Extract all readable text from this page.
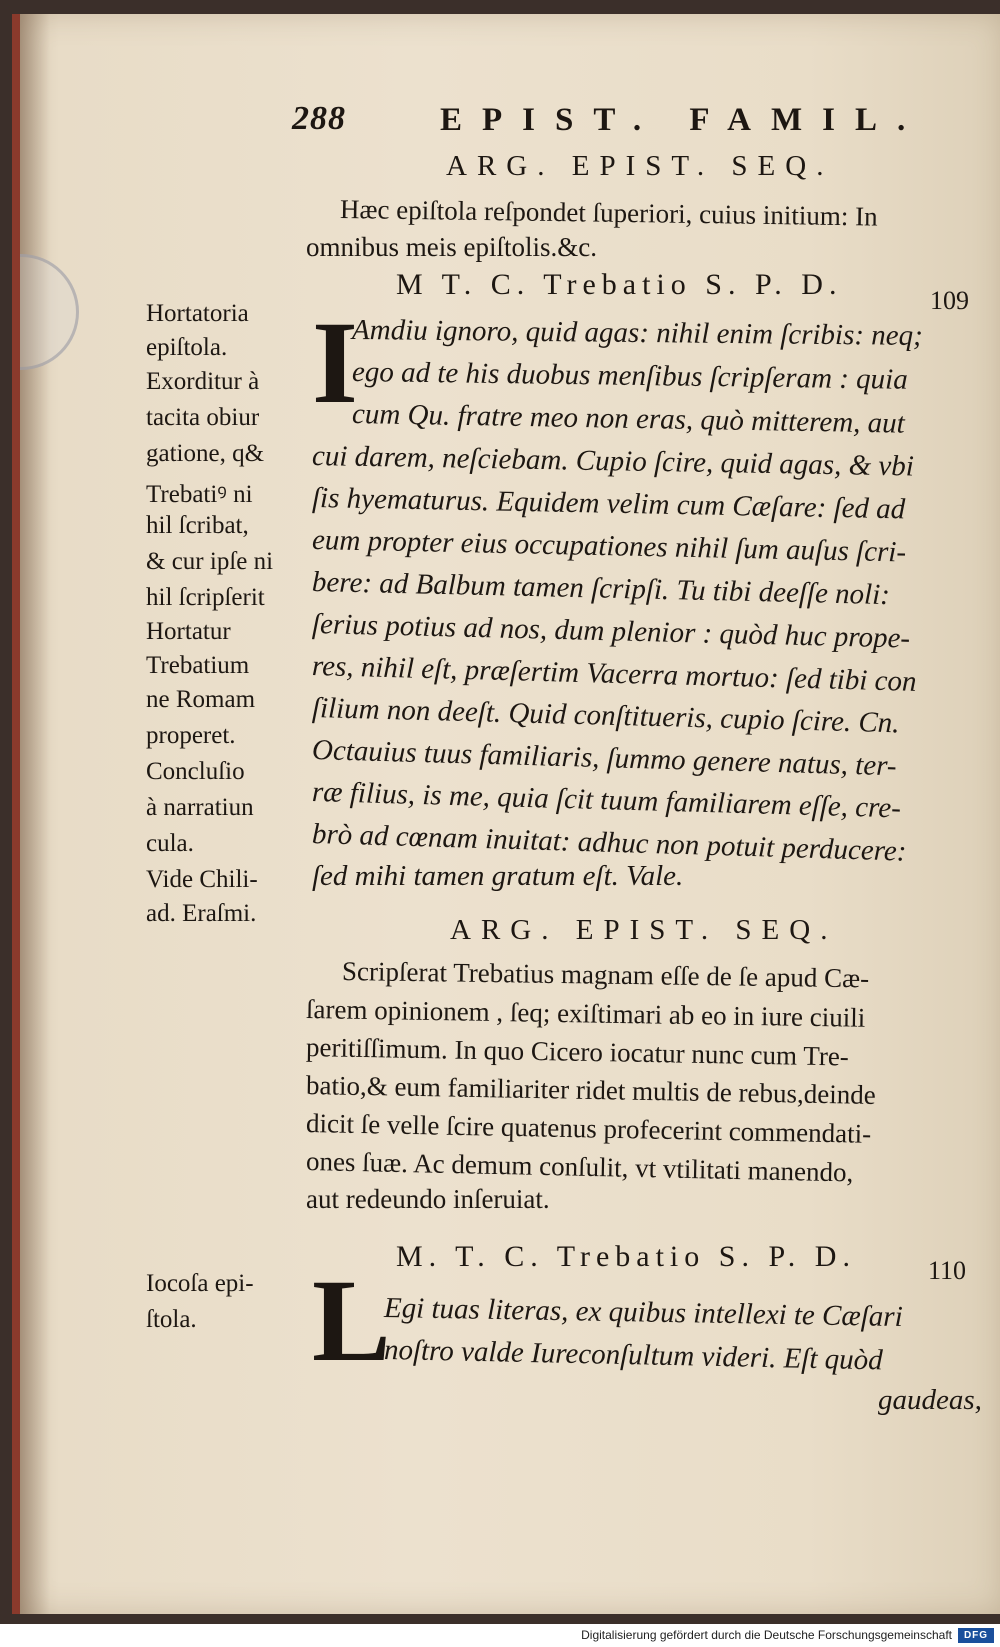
288	EPIST. FAMIL.
ARG. EPIST. SEQ.
Hæc epiſtola reſpondet ſuperiori, cuius initium: In
omnibus meis epiſtolis.&c.
M T. C. Trebatio S. P. D.	109
I
Amdiu ignoro, quid agas: nihil enim ſcribis: neq;
ego ad te his duobus menſibus ſcripſeram : quia
cum Qu. fratre meo non eras, quò mitterem, aut
cui darem, neſciebam. Cupio ſcire, quid agas, & vbi
ſis hyematurus. Equidem velim cum Cæſare: ſed ad
eum propter eius occupationes nihil ſum auſus ſcri-
bere: ad Balbum tamen ſcripſi. Tu tibi deeſſe noli:
ſerius potius ad nos, dum plenior : quòd huc prope-
res, nihil eſt, præſertim Vacerra mortuo: ſed tibi con
ſilium non deeſt. Quid conſtitueris, cupio ſcire. Cn.
Octauius tuus familiaris, ſummo genere natus, ter-
ræ filius, is me, quia ſcit tuum familiarem eſſe, cre-
brò ad cœnam inuitat: adhuc non potuit perducere:
ſed mihi tamen gratum eſt. Vale.
Hortatoria
epiſtola.
Exorditur à
tacita obiur
gatione, q&
Trebatiꝰ ni
hil ſcribat,
& cur ipſe ni
hil ſcripſerit
Hortatur
Trebatium
ne Romam
properet.
Concluſio
à narratiun
cula.
Vide Chili-
ad. Eraſmi.
ARG. EPIST. SEQ.
Scripſerat Trebatius magnam eſſe de ſe apud Cæ-
ſarem opinionem , ſeq; exiſtimari ab eo in iure ciuili
peritiſſimum. In quo Cicero iocatur nunc cum Tre-
batio,& eum familiariter ridet multis de rebus,deinde
dicit ſe velle ſcire quatenus profecerint commendati-
ones ſuæ. Ac demum conſulit, vt vtilitati manendo,
aut redeundo inſeruiat.
M. T. C. Trebatio S. P. D.	110
L
Egi tuas literas, ex quibus intellexi te Cæſari
noſtro valde Iureconſultum videri. Eſt quòd
gaudeas,
Iocoſa epi-
ſtola.
Digitalisierung gefördert durch die Deutsche Forschungsgemeinschaft	DFG
